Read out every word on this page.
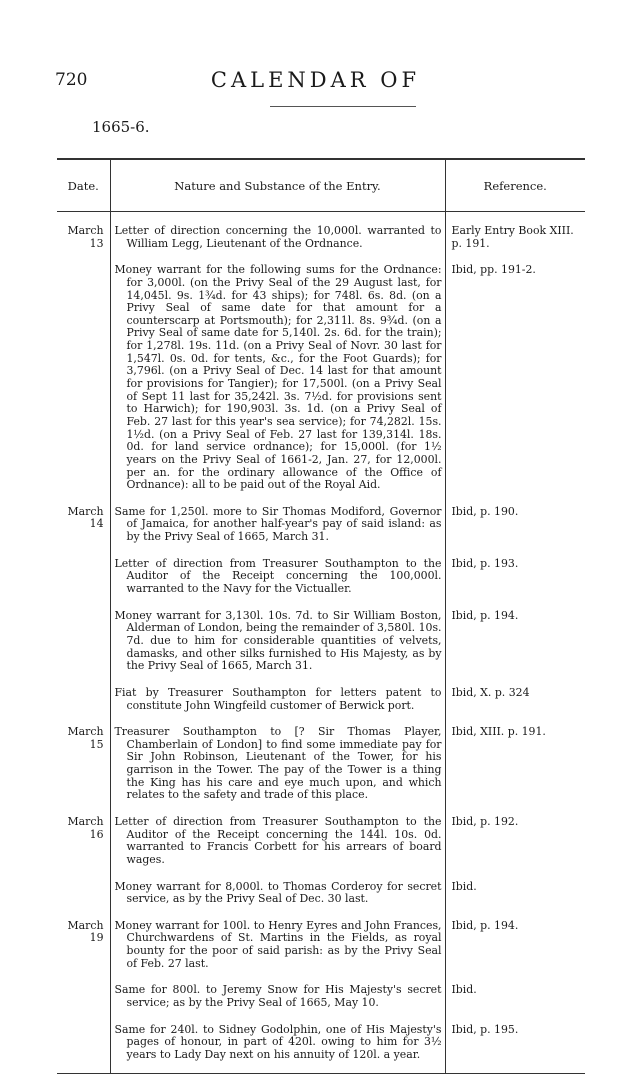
720	CALENDAR OF
1665-6.
Date.	Nature and Substance of the Entry.	Reference.
March 13	Letter of direction concerning the 10,000l. warranted to William Legg, Lieutenant of the Ordnance.	Early Entry Book XIII. p. 191.

	Money warrant for the following sums for the Ordnance: for 3,000l. (on the Privy Seal of the 29 August last, for 14,045l. 9s. 1¾d. for 43 ships); for 748l. 6s. 8d. (on a Privy Seal of same date for that amount for a counterscarp at Portsmouth); for 2,311l. 8s. 9¾d. (on a Privy Seal of same date for 5,140l. 2s. 6d. for the train); for 1,278l. 19s. 11d. (on a Privy Seal of Novr. 30 last for 1,547l. 0s. 0d. for tents, &c., for the Foot Guards); for 3,796l. (on a Privy Seal of Dec. 14 last for that amount for provisions for Tangier); for 17,500l. (on a Privy Seal of Sept 11 last for 35,242l. 3s. 7½d. for provisions sent to Harwich); for 190,903l. 3s. 1d. (on a Privy Seal of Feb. 27 last for this year's sea service); for 74,282l. 15s. 1½d. (on a Privy Seal of Feb. 27 last for 139,314l. 18s. 0d. for land service ordnance); for 15,000l. (for 1½ years on the Privy Seal of 1661-2, Jan. 27, for 12,000l. per an. for the ordinary allowance of the Office of Ordnance): all to be paid out of the Royal Aid.	Ibid, pp. 191-2.
March 14	Same for 1,250l. more to Sir Thomas Modiford, Governor of Jamaica, for another half-year's pay of said island: as by the Privy Seal of 1665, March 31.	Ibid, p. 190.

	Letter of direction from Treasurer Southampton to the Auditor of the Receipt concerning the 100,000l. warranted to the Navy for the Victualler.	Ibid, p. 193.

	Money warrant for 3,130l. 10s. 7d. to Sir William Boston, Alderman of London, being the remainder of 3,580l. 10s. 7d. due to him for considerable quantities of velvets, damasks, and other silks furnished to His Majesty, as by the Privy Seal of 1665, March 31.	Ibid, p. 194.

	Fiat by Treasurer Southampton for letters patent to constitute John Wingfeild customer of Berwick port.	Ibid, X. p. 324
March 15	Treasurer Southampton to [? Sir Thomas Player, Chamberlain of London] to find some immediate pay for Sir John Robinson, Lieutenant of the Tower, for his garrison in the Tower. The pay of the Tower is a thing the King has his care and eye much upon, and which relates to the safety and trade of this place.	Ibid, XIII. p. 191.
March 16	Letter of direction from Treasurer Southampton to the Auditor of the Receipt concerning the 144l. 10s. 0d. warranted to Francis Corbett for his arrears of board wages.	Ibid, p. 192.

	Money warrant for 8,000l. to Thomas Corderoy for secret service, as by the Privy Seal of Dec. 30 last.	Ibid.
March 19	Money warrant for 100l. to Henry Eyres and John Frances, Churchwardens of St. Martins in the Fields, as royal bounty for the poor of said parish: as by the Privy Seal of Feb. 27 last.	Ibid, p. 194.

	Same for 800l. to Jeremy Snow for His Majesty's secret service; as by the Privy Seal of 1665, May 10.	Ibid.

	Same for 240l. to Sidney Godolphin, one of His Majesty's pages of honour, in part of 420l. owing to him for 3½ years to Lady Day next on his annuity of 120l. a year.	Ibid, p. 195.
